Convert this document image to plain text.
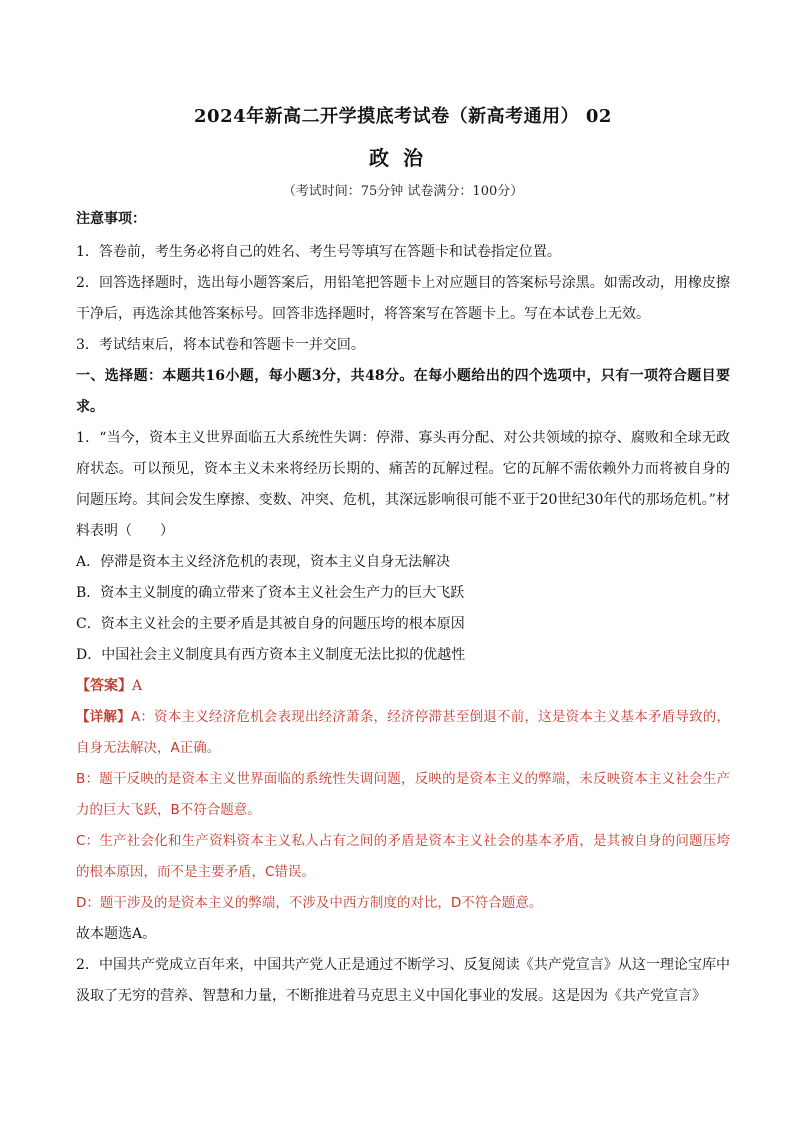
2024年新高二开学摸底考试卷（新高考通用） 02
政治
（考试时间：75分钟 试卷满分：100分）
注意事项：

1．答卷前，考生务必将自己的姓名、考生号等填写在答题卡和试卷指定位置。

2．回答选择题时，选出每小题答案后，用铅笔把答题卡上对应题目的答案标号涂黑。如需改动，用橡皮擦干净后，再选涂其他答案标号。回答非选择题时，将答案写在答题卡上。写在本试卷上无效。

3．考试结束后，将本试卷和答题卡一并交回。

一、选择题：本题共16小题，每小题3分，共48分。在每小题给出的四个选项中，只有一项符合题目要求。

1．“当今，资本主义世界面临五大系统性失调：停滞、寡头再分配、对公共领域的掠夺、腐败和全球无政府状态。可以预见，资本主义未来将经历长期的、痛苦的瓦解过程。它的瓦解不需依赖外力而将被自身的问题压垮。其间会发生摩擦、变数、冲突、危机，其深远影响很可能不亚于20世纪30年代的那场危机。”材料表明（　　）

A．停滞是资本主义经济危机的表现，资本主义自身无法解决

B．资本主义制度的确立带来了资本主义社会生产力的巨大飞跃

C．资本主义社会的主要矛盾是其被自身的问题压垮的根本原因

D．中国社会主义制度具有西方资本主义制度无法比拟的优越性

【答案】A

【详解】A：资本主义经济危机会表现出经济萧条，经济停滞甚至倒退不前，这是资本主义基本矛盾导致的，自身无法解决，A正确。

B：题干反映的是资本主义世界面临的系统性失调问题，反映的是资本主义的弊端，未反映资本主义社会生产力的巨大飞跃，B不符合题意。

C：生产社会化和生产资料资本主义私人占有之间的矛盾是资本主义社会的基本矛盾，是其被自身的问题压垮的根本原因，而不是主要矛盾，C错误。

D：题干涉及的是资本主义的弊端，不涉及中西方制度的对比，D不符合题意。

故本题选A。

2．中国共产党成立百年来，中国共产党人正是通过不断学习、反复阅读《共产党宣言》从这一理论宝库中汲取了无穷的营养、智慧和力量，不断推进着马克思主义中国化事业的发展。这是因为《共产党宣言》
